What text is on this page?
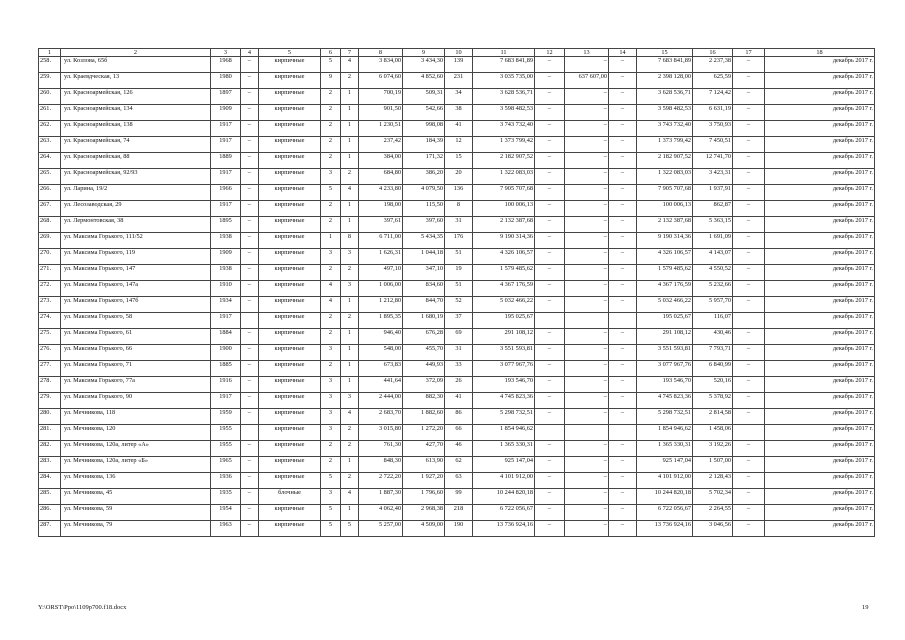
1	2	3	4	5	6	7	8	9	10	11	12	13	14	15	16	17	18
258.	ул. Козлова, 65б	1968	–	кирпичные	5	4	3 834,00	3 434,30	139	7 683 841,89	–	–	–	7 683 841,89	2 237,38	–	декабрь 2017 г.
259.	ул. Краевдческая, 13	1980	–	кирпичные	9	2	6 074,60	4 852,60	231	3 035 735,00	–	637 607,00	–	2 398 128,00	625,59	–	декабрь 2017 г.
260.	ул. Красноармейская, 126	1897	–	кирпичные	2	1	700,19	509,31	34	3 628 536,71	–	–	–	3 628 536,71	7 124,42	–	декабрь 2017 г.
261.	ул. Красноармейская, 134	1909	–	кирпичные	2	1	901,50	542,66	38	3 598 482,53	–	–	–	3 598 482,53	6 631,19	–	декабрь 2017 г.
262.	ул. Красноармейская, 138	1917	–	кирпичные	2	1	1 230,51	998,08	41	3 743 732,40	–	–	–	3 743 732,40	3 750,93	–	декабрь 2017 г.
263.	ул. Красноармейская, 74	1917	–	кирпичные	2	1	237,42	184,39	12	1 373 799,42	–	–	–	1 373 799,42	7 450,51	–	декабрь 2017 г.
264.	ул. Красноармейская, 88	1889	–	кирпичные	2	1	384,00	171,32	15	2 182 907,52	–	–	–	2 182 907,52	12 741,70	–	декабрь 2017 г.
265.	ул. Красноармейская, 92/93	1917	–	кирпичные	3	2	684,80	386,20	20	1 322 083,03	–	–	–	1 322 083,03	3 423,31	–	декабрь 2017 г.
266.	ул. Ларина, 19/2	1966	–	кирпичные	5	4	4 233,80	4 079,50	136	7 905 707,68	–	–	–	7 905 707,68	1 937,91	–	декабрь 2017 г.
267.	ул. Лесозаводская, 29	1917	–	кирпичные	2	1	198,00	115,50	8	100 006,13	–	–	–	100 006,13	862,87	–	декабрь 2017 г.
268.	ул. Лермонтовская, 38	1895	–	кирпичные	2	1	397,61	397,60	31	2 132 387,68	–	–	–	2 132 387,68	5 363,15	–	декабрь 2017 г.
269.	ул. Максима Горького, 111/52	1938	–	кирпичные	1	8	6 711,00	5 434,35	176	9 190 314,36	–	–	–	9 190 314,36	1 691,09	–	декабрь 2017 г.
270.	ул. Максима Горького, 119	1909	–	кирпичные	3	3	1 626,31	1 044,18	51	4 326 106,57	–	–	–	4 326 106,57	4 143,07	–	декабрь 2017 г.
271.	ул. Максима Горького, 147	1938	–	кирпичные	2	2	497,10	347,10	19	1 579 485,62	–	–	–	1 579 485,62	4 550,52	–	декабрь 2017 г.
272.	ул. Максима Горького, 147а	1910	–	кирпичные	4	3	1 006,00	834,60	51	4 367 176,59	–	–	–	4 367 176,59	5 232,66	–	декабрь 2017 г.
273.	ул. Максима Горького, 147б	1934	–	кирпичные	4	1	1 212,80	844,70	52	5 032 466,22	–	–	–	5 032 466,22	5 957,70	–	декабрь 2017 г.
274.	ул. Максима Горького, 58	1917		кирпичные	2	2	1 895,35	1 680,19	37	195 025,67				195 025,67	116,07		декабрь 2017 г.
275.	ул. Максима Горького, 61	1884	–	кирпичные	2	1	946,40	676,28	69	291 108,12	–	–	–	291 108,12	430,46	–	декабрь 2017 г.
276.	ул. Максима Горького, 66	1900	–	кирпичные	3	1	548,00	455,70	31	3 551 593,81	–	–	–	3 551 593,81	7 793,71	–	декабрь 2017 г.
277.	ул. Максима Горького, 71	1885	–	кирпичные	2	1	673,83	449,93	33	3 077 967,76	–	–	–	3 077 967,76	6 840,99	–	декабрь 2017 г.
278.	ул. Максима Горького, 77а	1916	–	кирпичные	3	1	441,64	372,09	26	193 546,70	–	–	–	193 546,70	520,16	–	декабрь 2017 г.
279.	ул. Максима Горького, 90	1917	–	кирпичные	3	3	2 444,00	882,30	41	4 745 823,36	–	–	–	4 745 823,36	5 378,92	–	декабрь 2017 г.
280.	ул. Мечникова, 118	1959	–	кирпичные	3	4	2 683,70	1 882,60	86	5 298 732,51	–	–	–	5 298 732,51	2 814,58	–	декабрь 2017 г.
281.	ул. Мечникова, 120	1955		кирпичные	3	2	3 015,80	1 272,20	66	1 854 946,62				1 854 946,62	1 458,06		декабрь 2017 г.
282.	ул. Мечникова, 120а, литер «А»	1955	–	кирпичные	2	2	761,30	427,70	46	1 365 330,31	–	–	–	1 365 330,31	3 192,26	–	декабрь 2017 г.
283.	ул. Мечникова, 120а, литер «Б»	1965	–	кирпичные	2	1	848,30	613,90	62	925 147,04	–	–	–	925 147,04	1 507,00	–	декабрь 2017 г.
284.	ул. Мечникова, 136	1936	–	кирпичные	5	2	2 722,20	1 927,20	63	4 101 912,00	–	–	–	4 101 912,00	2 128,43	–	декабрь 2017 г.
285.	ул. Мечникова, 45	1935	–	блочные	3	4	1 887,30	1 796,60	99	10 244 820,18	–	–	–	10 244 820,18	5 702,34	–	декабрь 2017 г.
286.	ул. Мечникова, 59	1954	–	кирпичные	5	1	4 062,40	2 968,38	218	6 722 056,67	–	–	–	6 722 056,67	2 264,55	–	декабрь 2017 г.
287.	ул. Мечникова, 79	1963	–	кирпичные	5	5	5 257,00	4 509,00	190	13 736 924,16	–	–	–	13 736 924,16	3 046,56	–	декабрь 2017 г.
Y:\ORST\Ppo\1109p700.f18.docx	19
